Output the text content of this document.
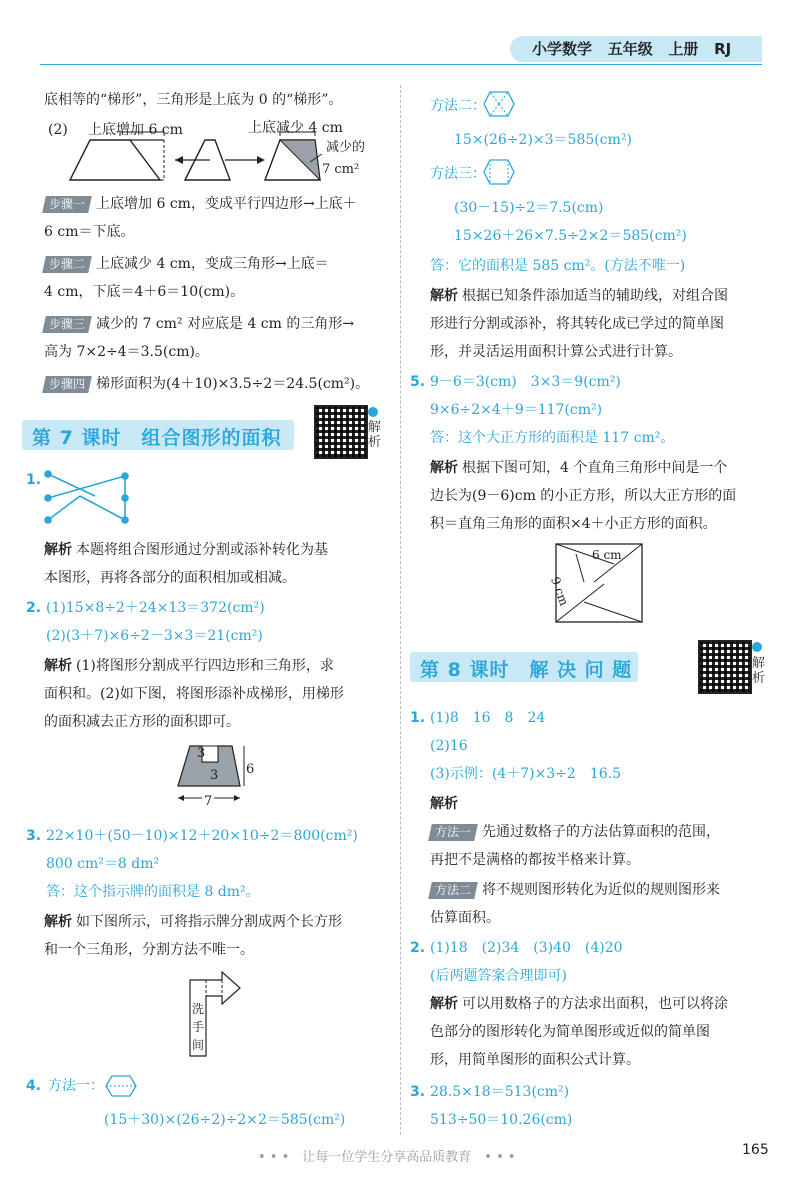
小学数学 五年级 上册 RJ
底相等的“梯形”，三角形是上底为 0 的“梯形”。
(2) 上底增加 6 cm	上底减少 4 cm
减少的
7 cm²
步骤一 上底增加 6 cm，变成平行四边形→上底＋
6 cm＝下底。
步骤二 上底减少 4 cm，变成三角形→上底＝
4 cm，下底＝4＋6＝10(cm)。
步骤三 减少的 7 cm² 对应底是 4 cm 的三角形→
高为 7×2÷4＝3.5(cm)。
步骤四 梯形面积为(4＋10)×3.5÷2＝24.5(cm²)。
第 7 课时　组合图形的面积	解析
1.
解析 本题将组合图形通过分割或添补转化为基
本图形，再将各部分的面积相加或相减。
2. (1)15×8÷2＋24×13＝372(cm²)
(2)(3＋7)×6÷2－3×3＝21(cm²)
解析 (1)将图形分割成平行四边形和三角形，求
面积和。(2)如下图，将图形添补成梯形，用梯形
的面积减去正方形的面积即可。
3
3 6
7
3. 22×10＋(50－10)×12＋20×10÷2＝800(cm²)
800 cm²＝8 dm²
答：这个指示牌的面积是 8 dm²。
解析 如下图所示，可将指示牌分割成两个长方形
和一个三角形，分割方法不唯一。
洗
手
间
4. 方法一：
(15＋30)×(26÷2)÷2×2＝585(cm²)
方法二：
15×(26÷2)×3＝585(cm²)
方法三：
(30－15)÷2＝7.5(cm)
15×26＋26×7.5÷2×2＝585(cm²)
答：它的面积是 585 cm²。(方法不唯一)
解析 根据已知条件添加适当的辅助线，对组合图
形进行分割或添补，将其转化成已学过的简单图
形，并灵活运用面积计算公式进行计算。
5. 9－6＝3(cm)　3×3＝9(cm²)
9×6÷2×4＋9＝117(cm²)
答：这个大正方形的面积是 117 cm²。
解析 根据下图可知，4 个直角三角形中间是一个
边长为(9－6)cm 的小正方形，所以大正方形的面
积＝直角三角形的面积×4＋小正方形的面积。
6 cm
9 cm
第 8 课时　解 决 问 题	解析
1. (1)8　16　8　24
(2)16
(3)示例：(4＋7)×3÷2　16.5
解析
方法一 先通过数格子的方法估算面积的范围，
再把不是满格的都按半格来计算。
方法二 将不规则图形转化为近似的规则图形来
估算面积。
2. (1)18　(2)34　(3)40　(4)20
(后两题答案合理即可)
解析 可以用数格子的方法求出面积，也可以将涂
色部分的图形转化为简单图形或近似的简单图
形，用简单图形的面积公式计算。
3. 28.5×18＝513(cm²)
513÷50＝10.26(cm)
• • •　让每一位学生分享高品质教育　• • •	165
